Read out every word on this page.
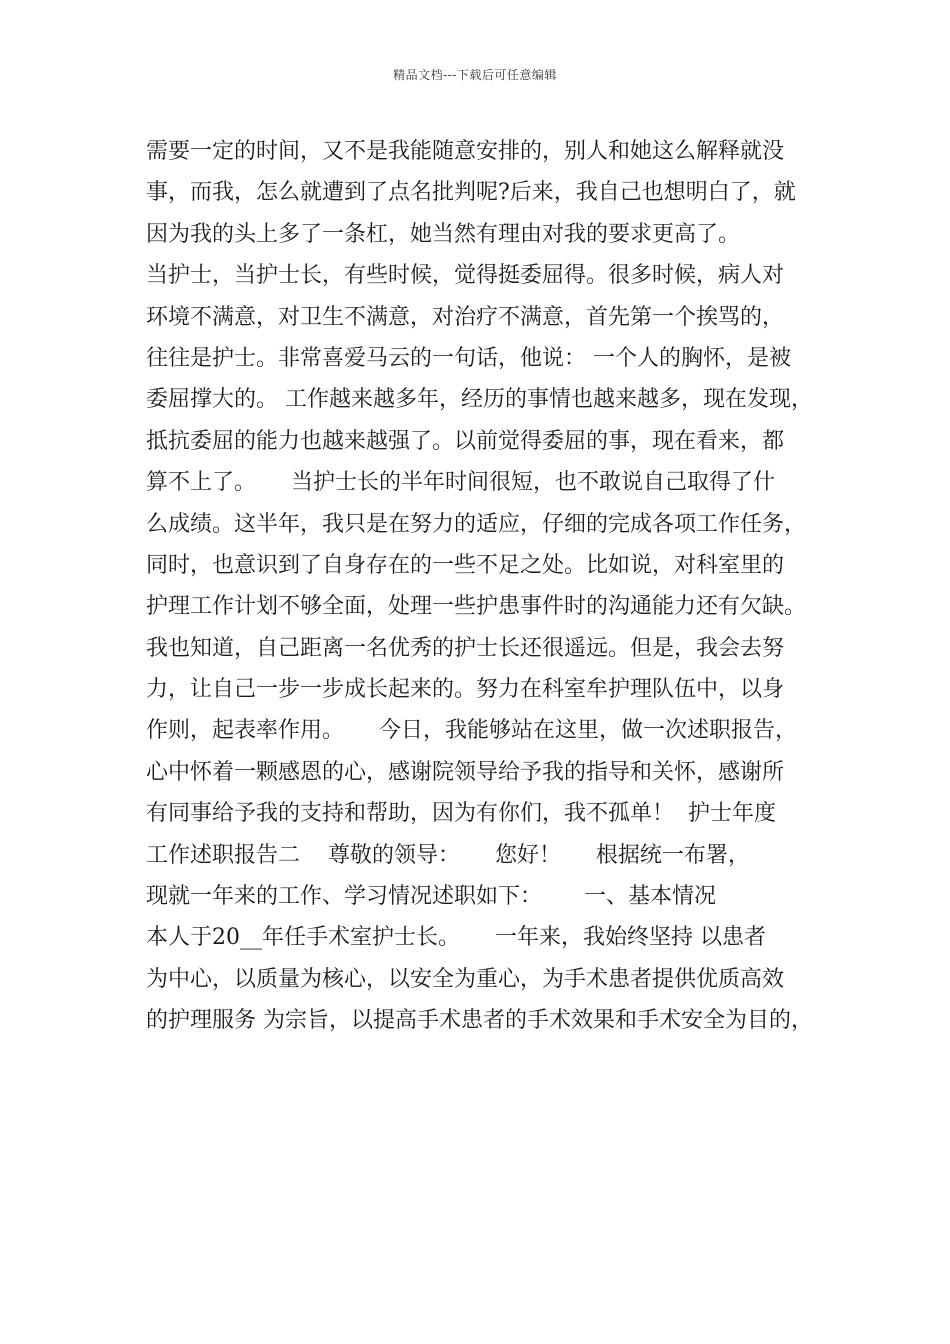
精品文档---下载后可任意编辑
需要一定的时间，又不是我能随意安排的，别人和她这么解释就没
事，而我，怎么就遭到了点名批判呢?后来，我自己也想明白了，就
因为我的头上多了一条杠，她当然有理由对我的要求更高了。
当护士，当护士长，有些时候，觉得挺委屈得。很多时候，病人对
环境不满意，对卫生不满意，对治疗不满意，首先第一个挨骂的，
往往是护士。非常喜爱马云的一句话，他说： 一个人的胸怀，是被
委屈撑大的。 工作越来越多年，经历的事情也越来越多，现在发现，
抵抗委屈的能力也越来越强了。以前觉得委屈的事，现在看来，都
算不上了。     当护士长的半年时间很短，也不敢说自己取得了什
么成绩。这半年，我只是在努力的适应，仔细的完成各项工作任务，
同时，也意识到了自身存在的一些不足之处。比如说，对科室里的
护理工作计划不够全面，处理一些护患事件时的沟通能力还有欠缺。
我也知道，自己距离一名优秀的护士长还很遥远。但是，我会去努
力，让自己一步一步成长起来的。努力在科室牟护理队伍中，以身
作则，起表率作用。     今日，我能够站在这里，做一次述职报告，
心中怀着一颗感恩的心，感谢院领导给予我的指导和关怀，感谢所
有同事给予我的支持和帮助，因为有你们，我不孤单！  护士年度
工作述职报告二    尊敬的领导：     您好！     根据统一布署，
现就一年来的工作、学习情况述职如下：      一、基本情况
本人于20__年任手术室护士长。     一年来，我始终坚持 以患者
为中心，以质量为核心，以安全为重心，为手术患者提供优质高效
的护理服务 为宗旨，以提高手术患者的手术效果和手术安全为目的，
